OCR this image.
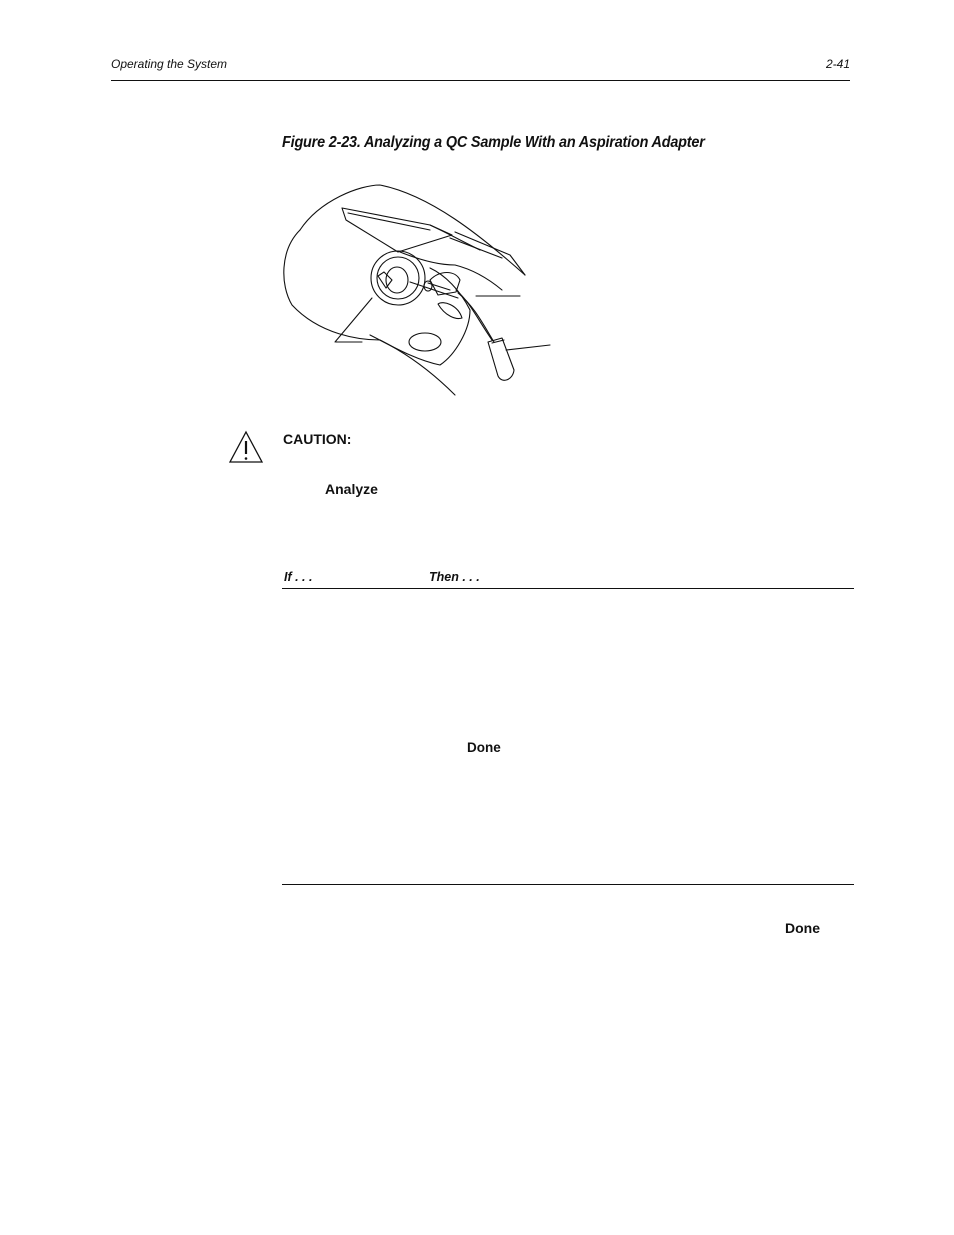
Operating the System	2-41
Figure 2-23. Analyzing a QC Sample With an Aspiration Adapter
CAUTION:
Analyze
If . . .	Then . . .
Done
Done
